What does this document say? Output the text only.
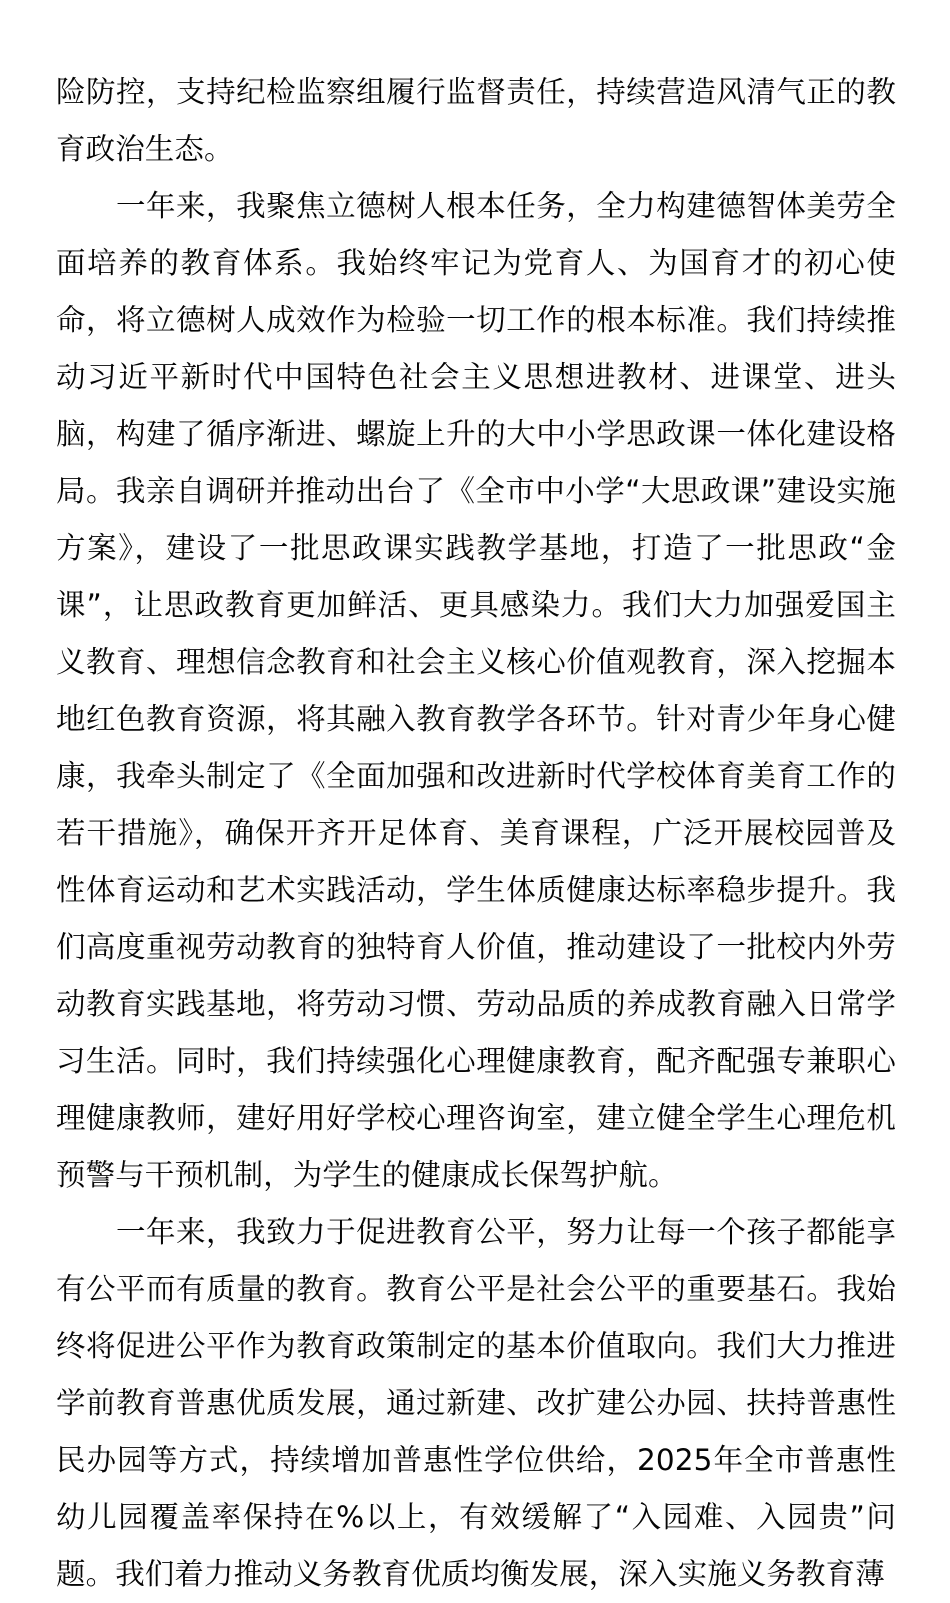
险防控，支持纪检监察组履行监督责任，持续营造风清气正的教育政治生态。

一年来，我聚焦立德树人根本任务，全力构建德智体美劳全面培养的教育体系。我始终牢记为党育人、为国育才的初心使命，将立德树人成效作为检验一切工作的根本标准。我们持续推动习近平新时代中国特色社会主义思想进教材、进课堂、进头脑，构建了循序渐进、螺旋上升的大中小学思政课一体化建设格局。我亲自调研并推动出台了《全市中小学“大思政课”建设实施方案》，建设了一批思政课实践教学基地，打造了一批思政“金课”，让思政教育更加鲜活、更具感染力。我们大力加强爱国主义教育、理想信念教育和社会主义核心价值观教育，深入挖掘本地红色教育资源，将其融入教育教学各环节。针对青少年身心健康，我牵头制定了《全面加强和改进新时代学校体育美育工作的若干措施》，确保开齐开足体育、美育课程，广泛开展校园普及性体育运动和艺术实践活动，学生体质健康达标率稳步提升。我们高度重视劳动教育的独特育人价值，推动建设了一批校内外劳动教育实践基地，将劳动习惯、劳动品质的养成教育融入日常学习生活。同时，我们持续强化心理健康教育，配齐配强专兼职心理健康教师，建好用好学校心理咨询室，建立健全学生心理危机预警与干预机制，为学生的健康成长保驾护航。

一年来，我致力于促进教育公平，努力让每一个孩子都能享有公平而有质量的教育。教育公平是社会公平的重要基石。我始终将促进公平作为教育政策制定的基本价值取向。我们大力推进学前教育普惠优质发展，通过新建、改扩建公办园、扶持普惠性民办园等方式，持续增加普惠性学位供给，2025年全市普惠性幼儿园覆盖率保持在%以上，有效缓解了“入园难、入园贵”问题。我们着力推动义务教育优质均衡发展，深入实施义务教育薄
